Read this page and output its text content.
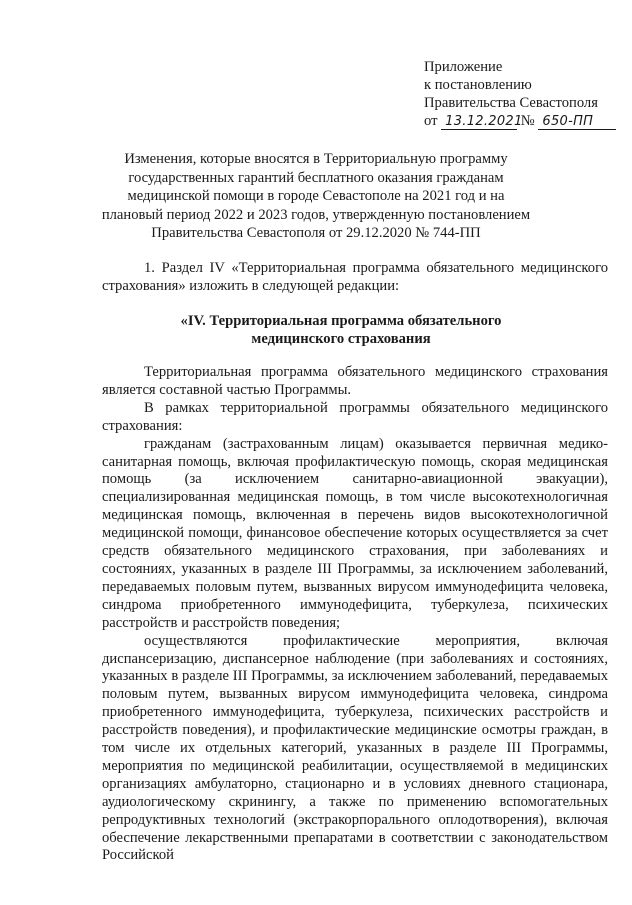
Приложение
к постановлению
Правительства Севастополя
от 13.12.2021 № 650-ПП
Изменения, которые вносятся в Территориальную программу государственных гарантий бесплатного оказания гражданам медицинской помощи в городе Севастополе на 2021 год и на плановый период 2022 и 2023 годов, утвержденную постановлением Правительства Севастополя от 29.12.2020 № 744-ПП

1. Раздел IV «Территориальная программа обязательного медицинского страхования» изложить в следующей редакции:

«IV. Территориальная программа обязательного медицинского страхования

Территориальная программа обязательного медицинского страхования является составной частью Программы.

В рамках территориальной программы обязательного медицинского страхования:

гражданам (застрахованным лицам) оказывается первичная медико-санитарная помощь, включая профилактическую помощь, скорая медицинская помощь (за исключением санитарно-авиационной эвакуации), специализированная медицинская помощь, в том числе высокотехнологичная медицинская помощь, включенная в перечень видов высокотехнологичной медицинской помощи, финансовое обеспечение которых осуществляется за счет средств обязательного медицинского страхования, при заболеваниях и состояниях, указанных в разделе III Программы, за исключением заболеваний, передаваемых половым путем, вызванных вирусом иммунодефицита человека, синдрома приобретенного иммунодефицита, туберкулеза, психических расстройств и расстройств поведения;

осуществляются профилактические мероприятия, включая диспансеризацию, диспансерное наблюдение (при заболеваниях и состояниях, указанных в разделе III Программы, за исключением заболеваний, передаваемых половым путем, вызванных вирусом иммунодефицита человека, синдрома приобретенного иммунодефицита, туберкулеза, психических расстройств и расстройств поведения), и профилактические медицинские осмотры граждан, в том числе их отдельных категорий, указанных в разделе III Программы, мероприятия по медицинской реабилитации, осуществляемой в медицинских организациях амбулаторно, стационарно и в условиях дневного стационара, аудиологическому скринингу, а также по применению вспомогательных репродуктивных технологий (экстракорпорального оплодотворения), включая обеспечение лекарственными препаратами в соответствии с законодательством Российской
